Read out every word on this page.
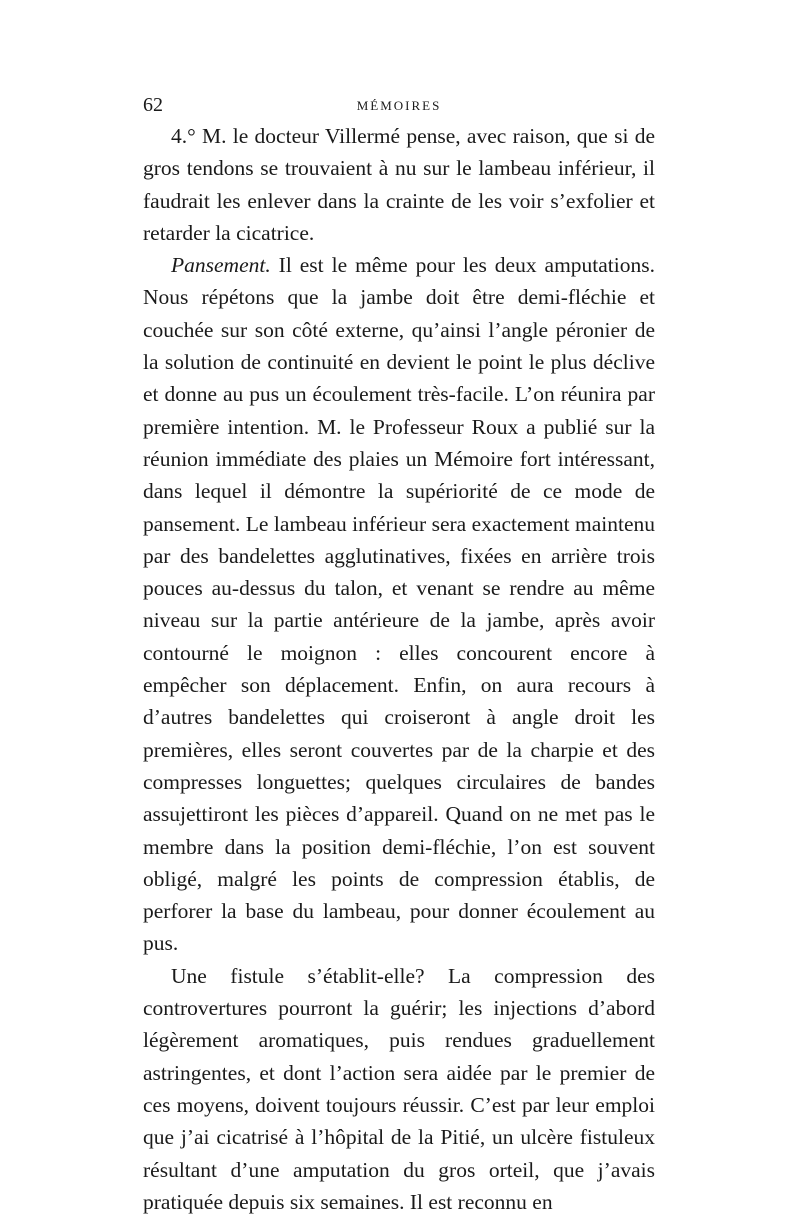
62	MÉMOIRES

4.° M. le docteur Villermé pense, avec raison, que si de gros tendons se trouvaient à nu sur le lambeau inférieur, il faudrait les enlever dans la crainte de les voir s’exfolier et retarder la cicatrice.

Pansement. Il est le même pour les deux amputations. Nous répétons que la jambe doit être demi-fléchie et couchée sur son côté externe, qu’ainsi l’angle péronier de la solution de continuité en devient le point le plus déclive et donne au pus un écoulement très-facile. L’on réunira par première intention. M. le Professeur Roux a publié sur la réunion immédiate des plaies un Mémoire fort intéressant, dans lequel il démontre la supériorité de ce mode de pansement. Le lambeau inférieur sera exactement maintenu par des bandelettes agglutinatives, fixées en arrière trois pouces au-dessus du talon, et venant se rendre au même niveau sur la partie antérieure de la jambe, après avoir contourné le moignon : elles concourent encore à empêcher son déplacement. Enfin, on aura recours à d’autres bandelettes qui croiseront à angle droit les premières, elles seront couvertes par de la charpie et des compresses longuettes; quelques circulaires de bandes assujettiront les pièces d’appareil. Quand on ne met pas le membre dans la position demi-fléchie, l’on est souvent obligé, malgré les points de compression établis, de perforer la base du lambeau, pour donner écoulement au pus.

Une fistule s’établit-elle? La compression des controvertures pourront la guérir; les injections d’abord légèrement aromatiques, puis rendues graduellement astringentes, et dont l’action sera aidée par le premier de ces moyens, doivent toujours réussir. C’est par leur emploi que j’ai cicatrisé à l’hôpital de la Pitié, un ulcère fistuleux résultant d’une amputation du gros orteil, que j’avais pratiquée depuis six semaines. Il est reconnu en
